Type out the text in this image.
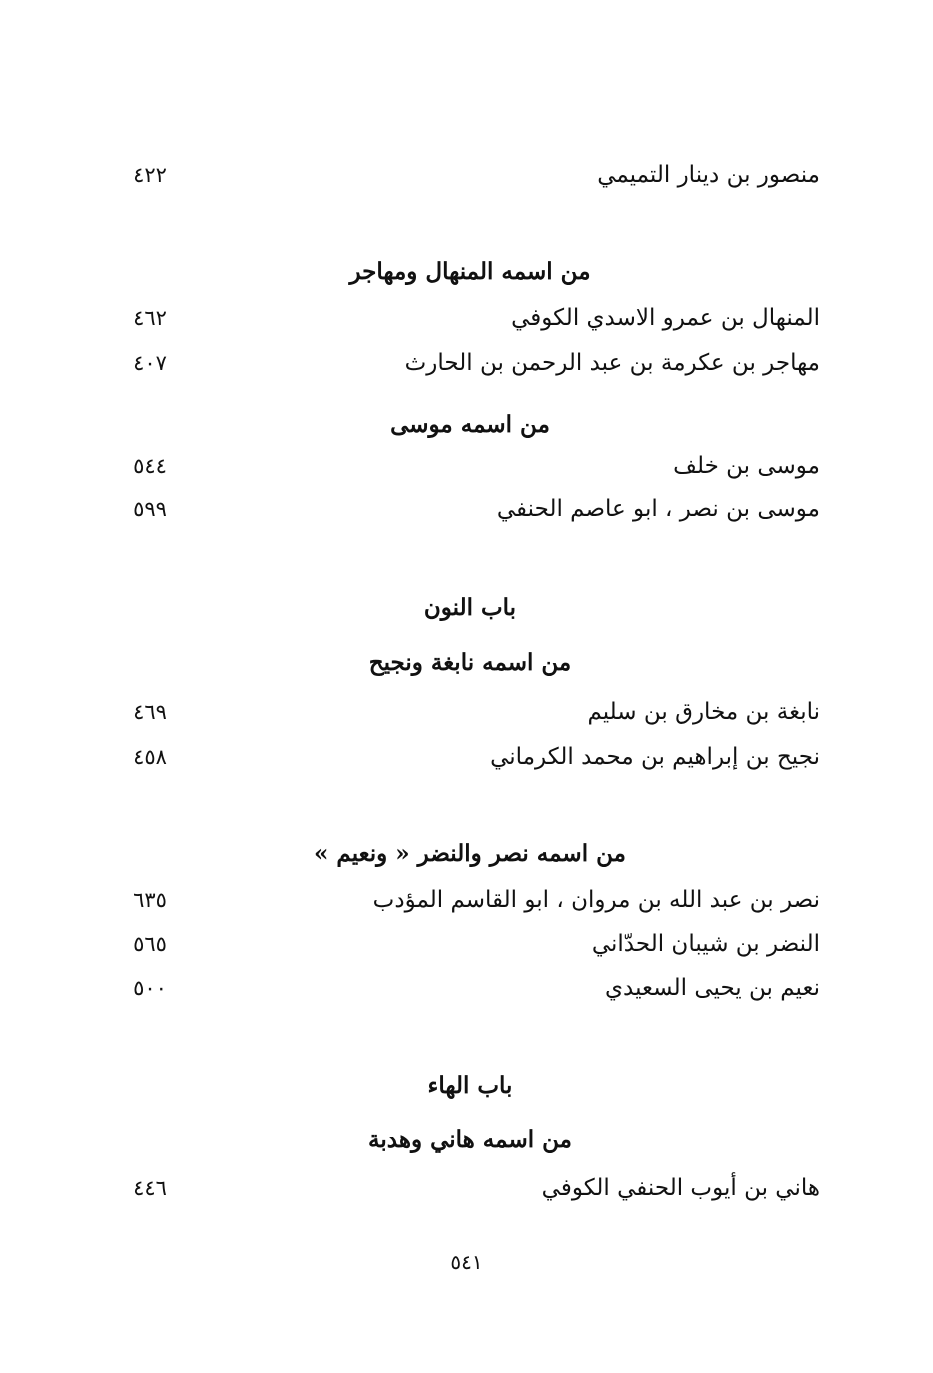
منصور بن دينار التميمي
٤٢٢
من اسمه المنهال ومهاجر
المنهال بن عمرو الاسدي الكوفي
٤٦٢
مهاجر بن عكرمة بن عبد الرحمن بن الحارث
٤٠٧
من اسمه موسى
موسى بن خلف
٥٤٤
موسى بن نصر ، ابو عاصم الحنفي
٥٩٩
باب النون
من اسمه نابغة ونجيح
نابغة بن مخارق بن سليم
٤٦٩
نجيح بن إبراهيم بن محمد الكرماني
٤٥٨
من اسمه نصر والنضر « ونعيم »
نصر بن عبد الله بن مروان ، ابو القاسم المؤدب
٦٣٥
النضر بن شيبان الحدّاني
٥٦٥
نعيم بن يحيى السعيدي
٥٠٠
باب الهاء
من اسمه هاني وهدبة
هاني بن أيوب الحنفي الكوفي
٤٤٦
٥٤١
